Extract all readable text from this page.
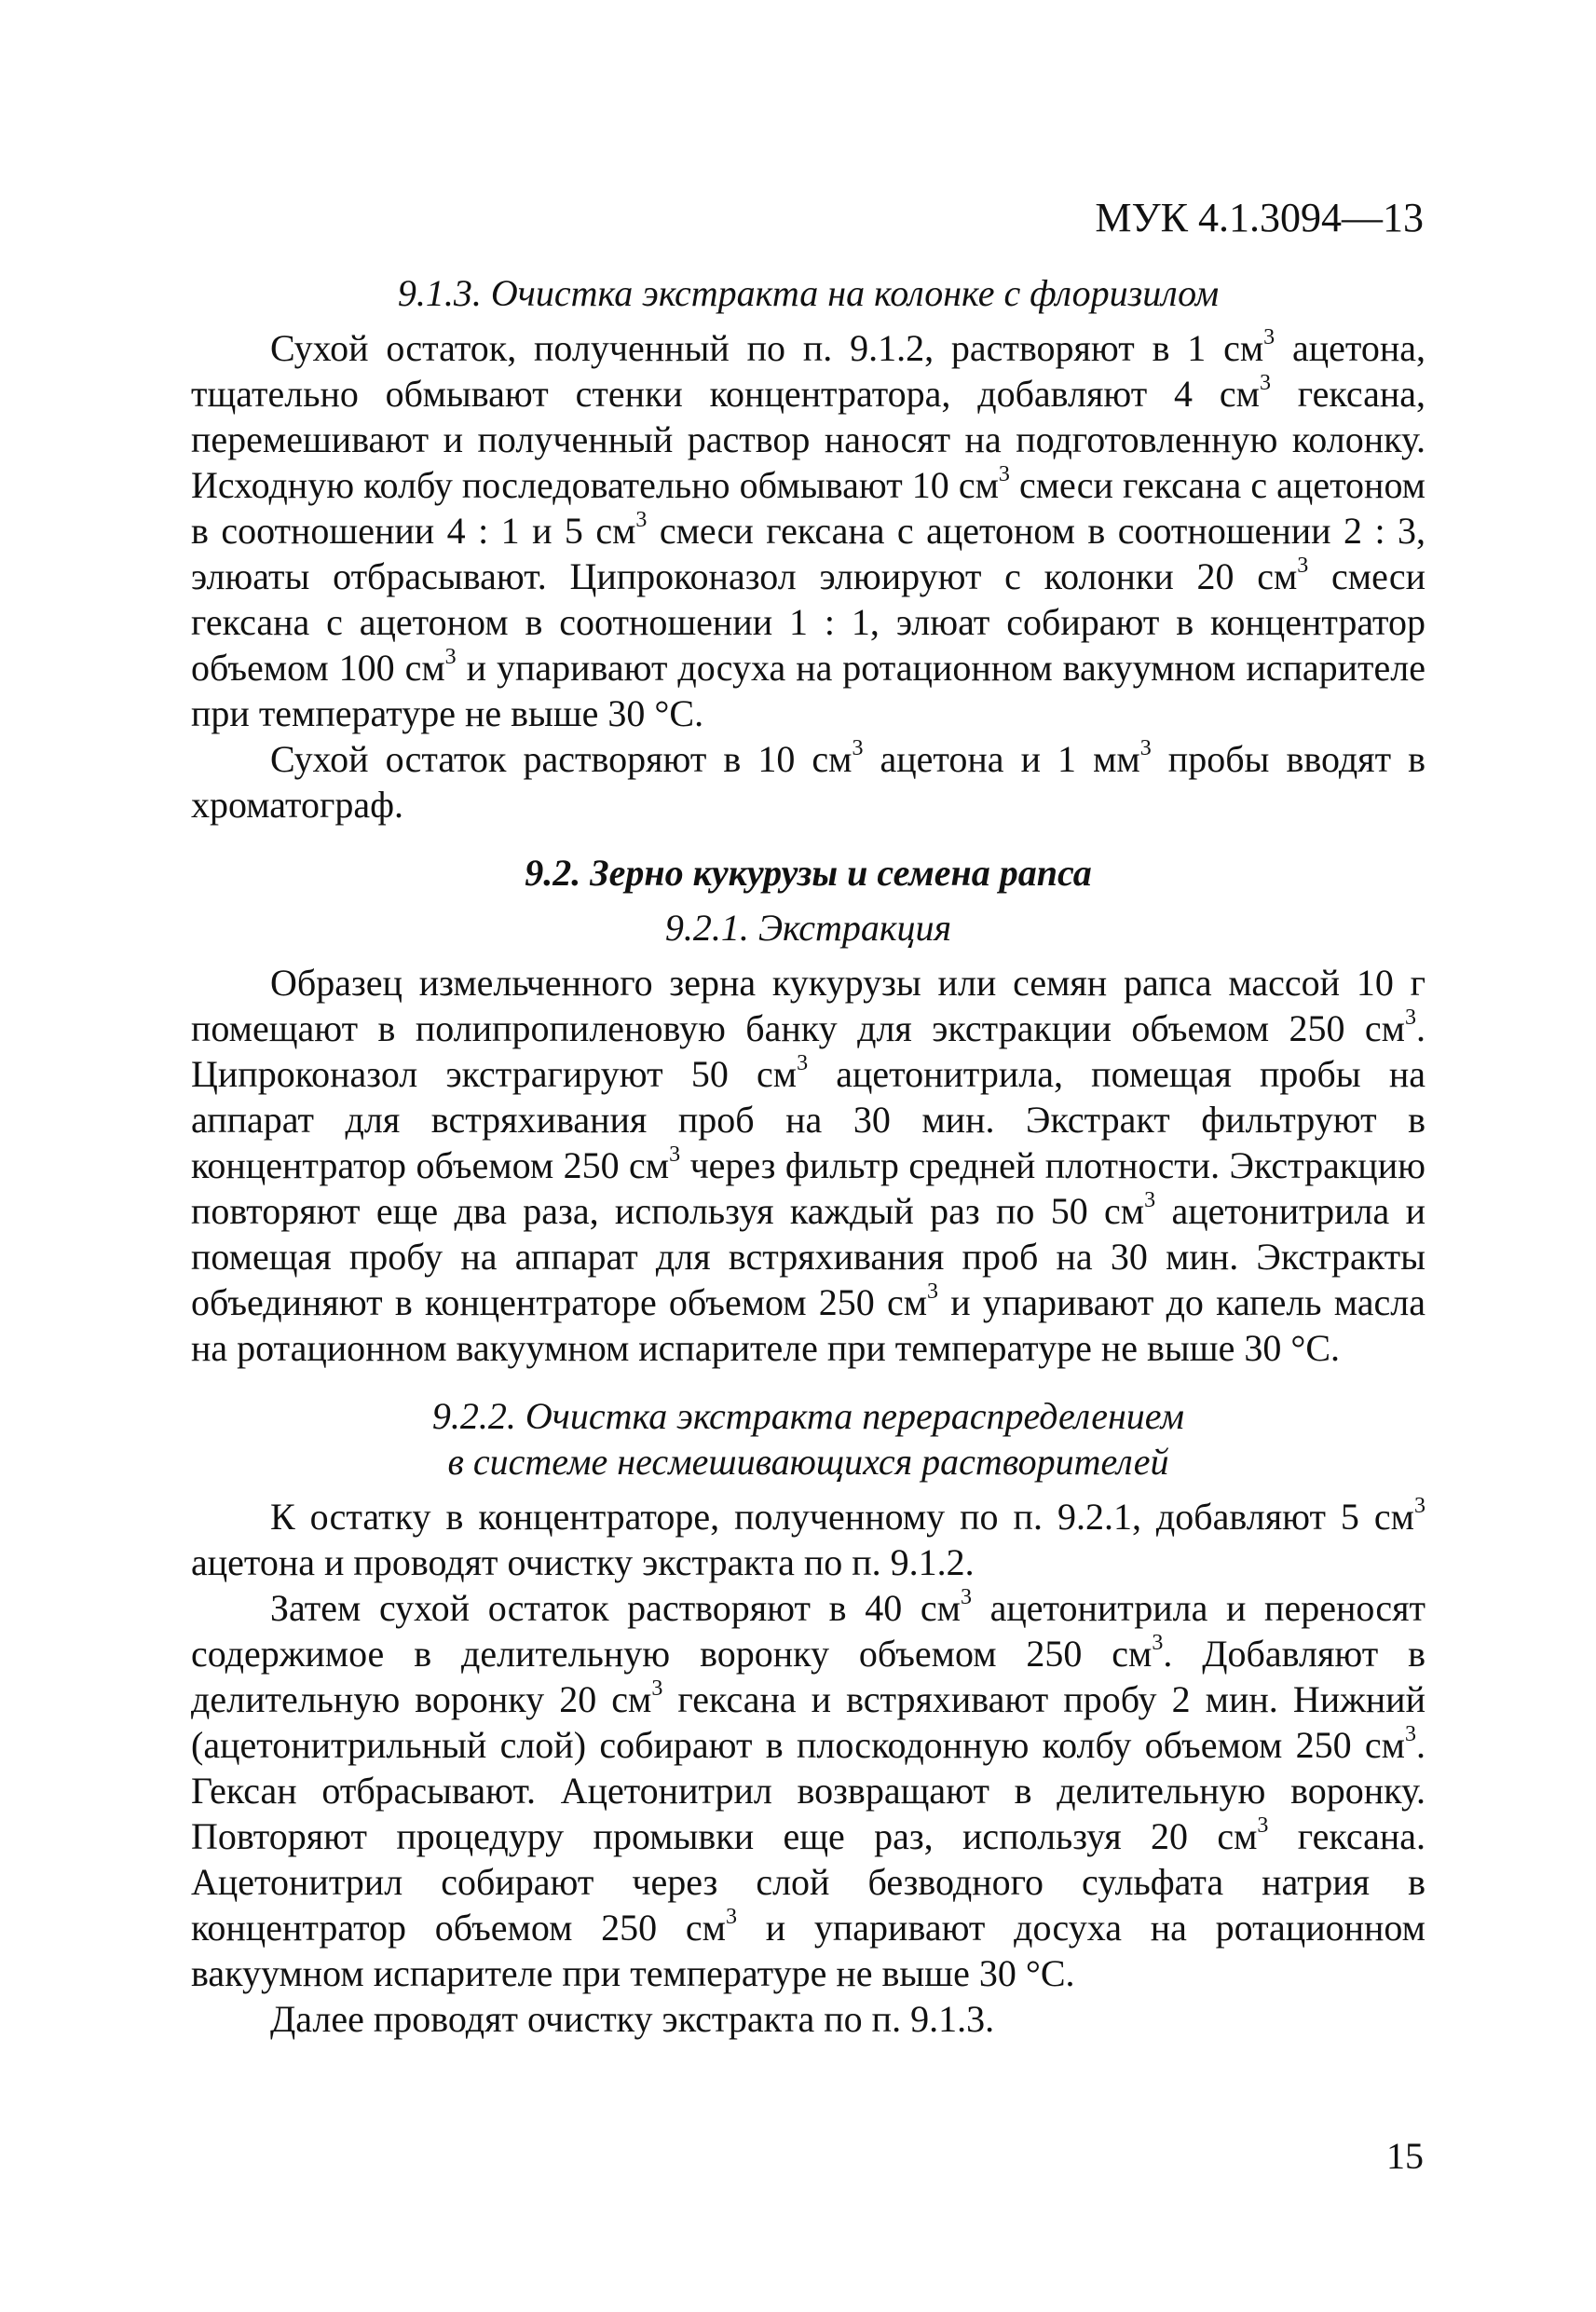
МУК 4.1.3094—13
9.1.3. Очистка экстракта на колонке с флоризилом

Сухой остаток, полученный по п. 9.1.2, растворяют в 1 $см^3$ ацетона, тщательно обмывают стенки концентратора, добавляют 4 $см^3$ гексана, перемешивают и полученный раствор наносят на подготовленную колонку. Исходную колбу последовательно обмывают 10 $см^3$ смеси гексана с ацетоном в соотношении 4 : 1 и 5 $см^3$ смеси гексана с ацетоном в соотношении 2 : 3, элюаты отбрасывают. Ципроконазол элюируют с колонки 20 $см^3$ смеси гексана с ацетоном в соотношении 1 : 1, элюат собирают в концентратор объемом 100 $см^3$ и упаривают досуха на ротационном вакуумном испарителе при температуре не выше 30 °С.

Сухой остаток растворяют в 10 $см^3$ ацетона и 1 $мм^3$ пробы вводят в хроматограф.

9.2. Зерно кукурузы и семена рапса
9.2.1. Экстракция

Образец измельченного зерна кукурузы или семян рапса массой 10 г помещают в полипропиленовую банку для экстракции объемом 250 $см^3$. Ципроконазол экстрагируют 50 $см^3$ ацетонитрила, помещая пробы на аппарат для встряхивания проб на 30 мин. Экстракт фильтруют в концентратор объемом 250 $см^3$ через фильтр средней плотности. Экстракцию повторяют еще два раза, используя каждый раз по 50 $см^3$ ацетонитрила и помещая пробу на аппарат для встряхивания проб на 30 мин. Экстракты объединяют в концентраторе объемом 250 $см^3$ и упаривают до капель масла на ротационном вакуумном испарителе при температуре не выше 30 °С.

9.2.2. Очистка экстракта перераспределением
в системе несмешивающихся растворителей

К остатку в концентраторе, полученному по п. 9.2.1, добавляют 5 $см^3$ ацетона и проводят очистку экстракта по п. 9.1.2.

Затем сухой остаток растворяют в 40 $см^3$ ацетонитрила и переносят содержимое в делительную воронку объемом 250 $см^3$. Добавляют в делительную воронку 20 $см^3$ гексана и встряхивают пробу 2 мин. Нижний (ацетонитрильный слой) собирают в плоскодонную колбу объемом 250 $см^3$. Гексан отбрасывают. Ацетонитрил возвращают в делительную воронку. Повторяют процедуру промывки еще раз, используя 20 $см^3$ гексана. Ацетонитрил собирают через слой безводного сульфата натрия в концентратор объемом 250 $см^3$ и упаривают досуха на ротационном вакуумном испарителе при температуре не выше 30 °С.

Далее проводят очистку экстракта по п. 9.1.3.

15
